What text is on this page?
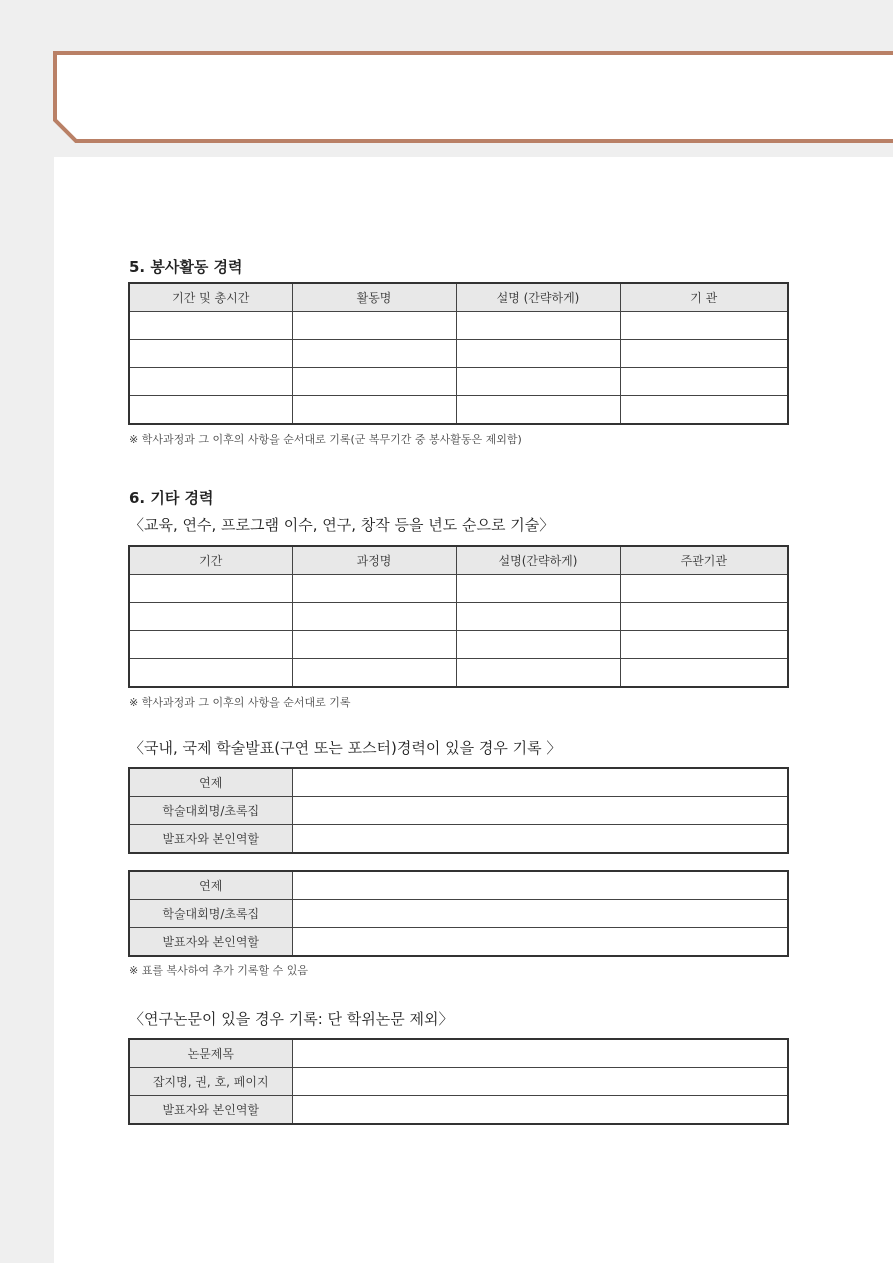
5. 봉사활동 경력
기간 및 총시간	활동명	설명 (간략하게)	기 관

※ 학사과정과 그 이후의 사항을 순서대로 기록(군 복무기간 중 봉사활동은 제외함)
6. 기타 경력
〈교육, 연수, 프로그램 이수, 연구, 창작 등을 년도 순으로 기술〉
기간	과정명	설명(간략하게)	주관기관

※ 학사과정과 그 이후의 사항을 순서대로 기록
〈국내, 국제 학술발표(구연 또는 포스터)경력이 있을 경우 기록 〉
연제	
학술대회명/초록집	
발표자와 본인역할	
연제	
학술대회명/초록집	
발표자와 본인역할	
※ 표를 복사하여 추가 기록할 수 있음
〈연구논문이 있을 경우 기록: 단 학위논문 제외〉
논문제목	
잡지명, 권, 호, 페이지	
발표자와 본인역할	
